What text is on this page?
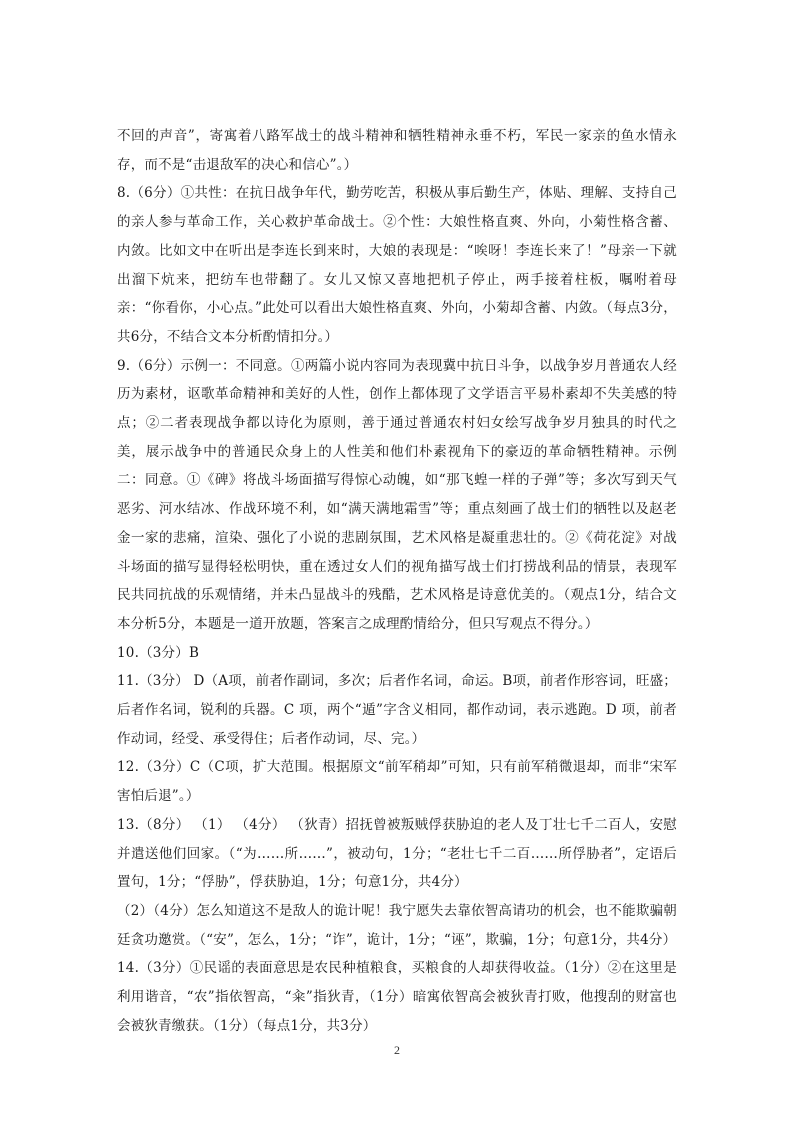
不回的声音”，寄寓着八路军战士的战斗精神和牺牲精神永垂不朽，军民一家亲的鱼水情永存，而不是“击退敌军的决心和信心”。）

8.（6分）①共性：在抗日战争年代，勤劳吃苦，积极从事后勤生产，体贴、理解、支持自己的亲人参与革命工作，关心救护革命战士。②个性：大娘性格直爽、外向，小菊性格含蓄、内敛。比如文中在听出是李连长到来时，大娘的表现是：“唉呀！李连长来了！”母亲一下就出溜下炕来，把纺车也带翻了。女儿又惊又喜地把机子停止，两手接着柱板，嘱咐着母亲：“你看你，小心点。”此处可以看出大娘性格直爽、外向，小菊却含蓄、内敛。（每点3分，共6分，不结合文本分析酌情扣分。）

9.（6分）示例一：不同意。①两篇小说内容同为表现冀中抗日斗争，以战争岁月普通农人经历为素材，讴歌革命精神和美好的人性，创作上都体现了文学语言平易朴素却不失美感的特点；②二者表现战争都以诗化为原则，善于通过普通农村妇女绘写战争岁月独具的时代之美，展示战争中的普通民众身上的人性美和他们朴素视角下的豪迈的革命牺牲精神。示例二：同意。①《碑》将战斗场面描写得惊心动魄，如“那飞蝗一样的子弹”等；多次写到天气恶劣、河水结冰、作战环境不利，如“满天满地霜雪”等；重点刻画了战士们的牺牲以及赵老金一家的悲痛，渲染、强化了小说的悲剧氛围，艺术风格是凝重悲壮的。②《荷花淀》对战斗场面的描写显得轻松明快，重在透过女人们的视角描写战士们打捞战利品的情景，表现军民共同抗战的乐观情绪，并未凸显战斗的残酷，艺术风格是诗意优美的。（观点1分，结合文本分析5分，本题是一道开放题，答案言之成理酌情给分，但只写观点不得分。）

10.（3分）B

11.（3分） D（A项，前者作副词，多次；后者作名词，命运。B项，前者作形容词，旺盛；后者作名词，锐利的兵器。C 项，两个“遁”字含义相同，都作动词，表示逃跑。D 项，前者作动词，经受、承受得住；后者作动词，尽、完。）

12.（3分）C（C项，扩大范围。根据原文“前军稍却”可知，只有前军稍微退却，而非“宋军害怕后退”。）

13.（8分） （1） （4分） （狄青）招抚曾被叛贼俘获胁迫的老人及丁壮七千二百人，安慰并遣送他们回家。（“为……所……”，被动句，1分；“老壮七千二百……所俘胁者”，定语后置句，1分；“俘胁”，俘获胁迫，1分；句意1分，共4分）

（2）（4分）怎么知道这不是敌人的诡计呢！我宁愿失去靠依智高请功的机会，也不能欺骗朝廷贪功邀赏。（“安”，怎么，1分；“诈”，诡计，1分；“诬”，欺骗，1分；句意1分，共4分）

14.（3分）①民谣的表面意思是农民种植粮食，买粮食的人却获得收益。（1分）②在这里是利用谐音，“农”指依智高，“籴”指狄青，（1分）暗寓依智高会被狄青打败，他搜刮的财富也会被狄青缴获。（1分）（每点1分，共3分）

2
